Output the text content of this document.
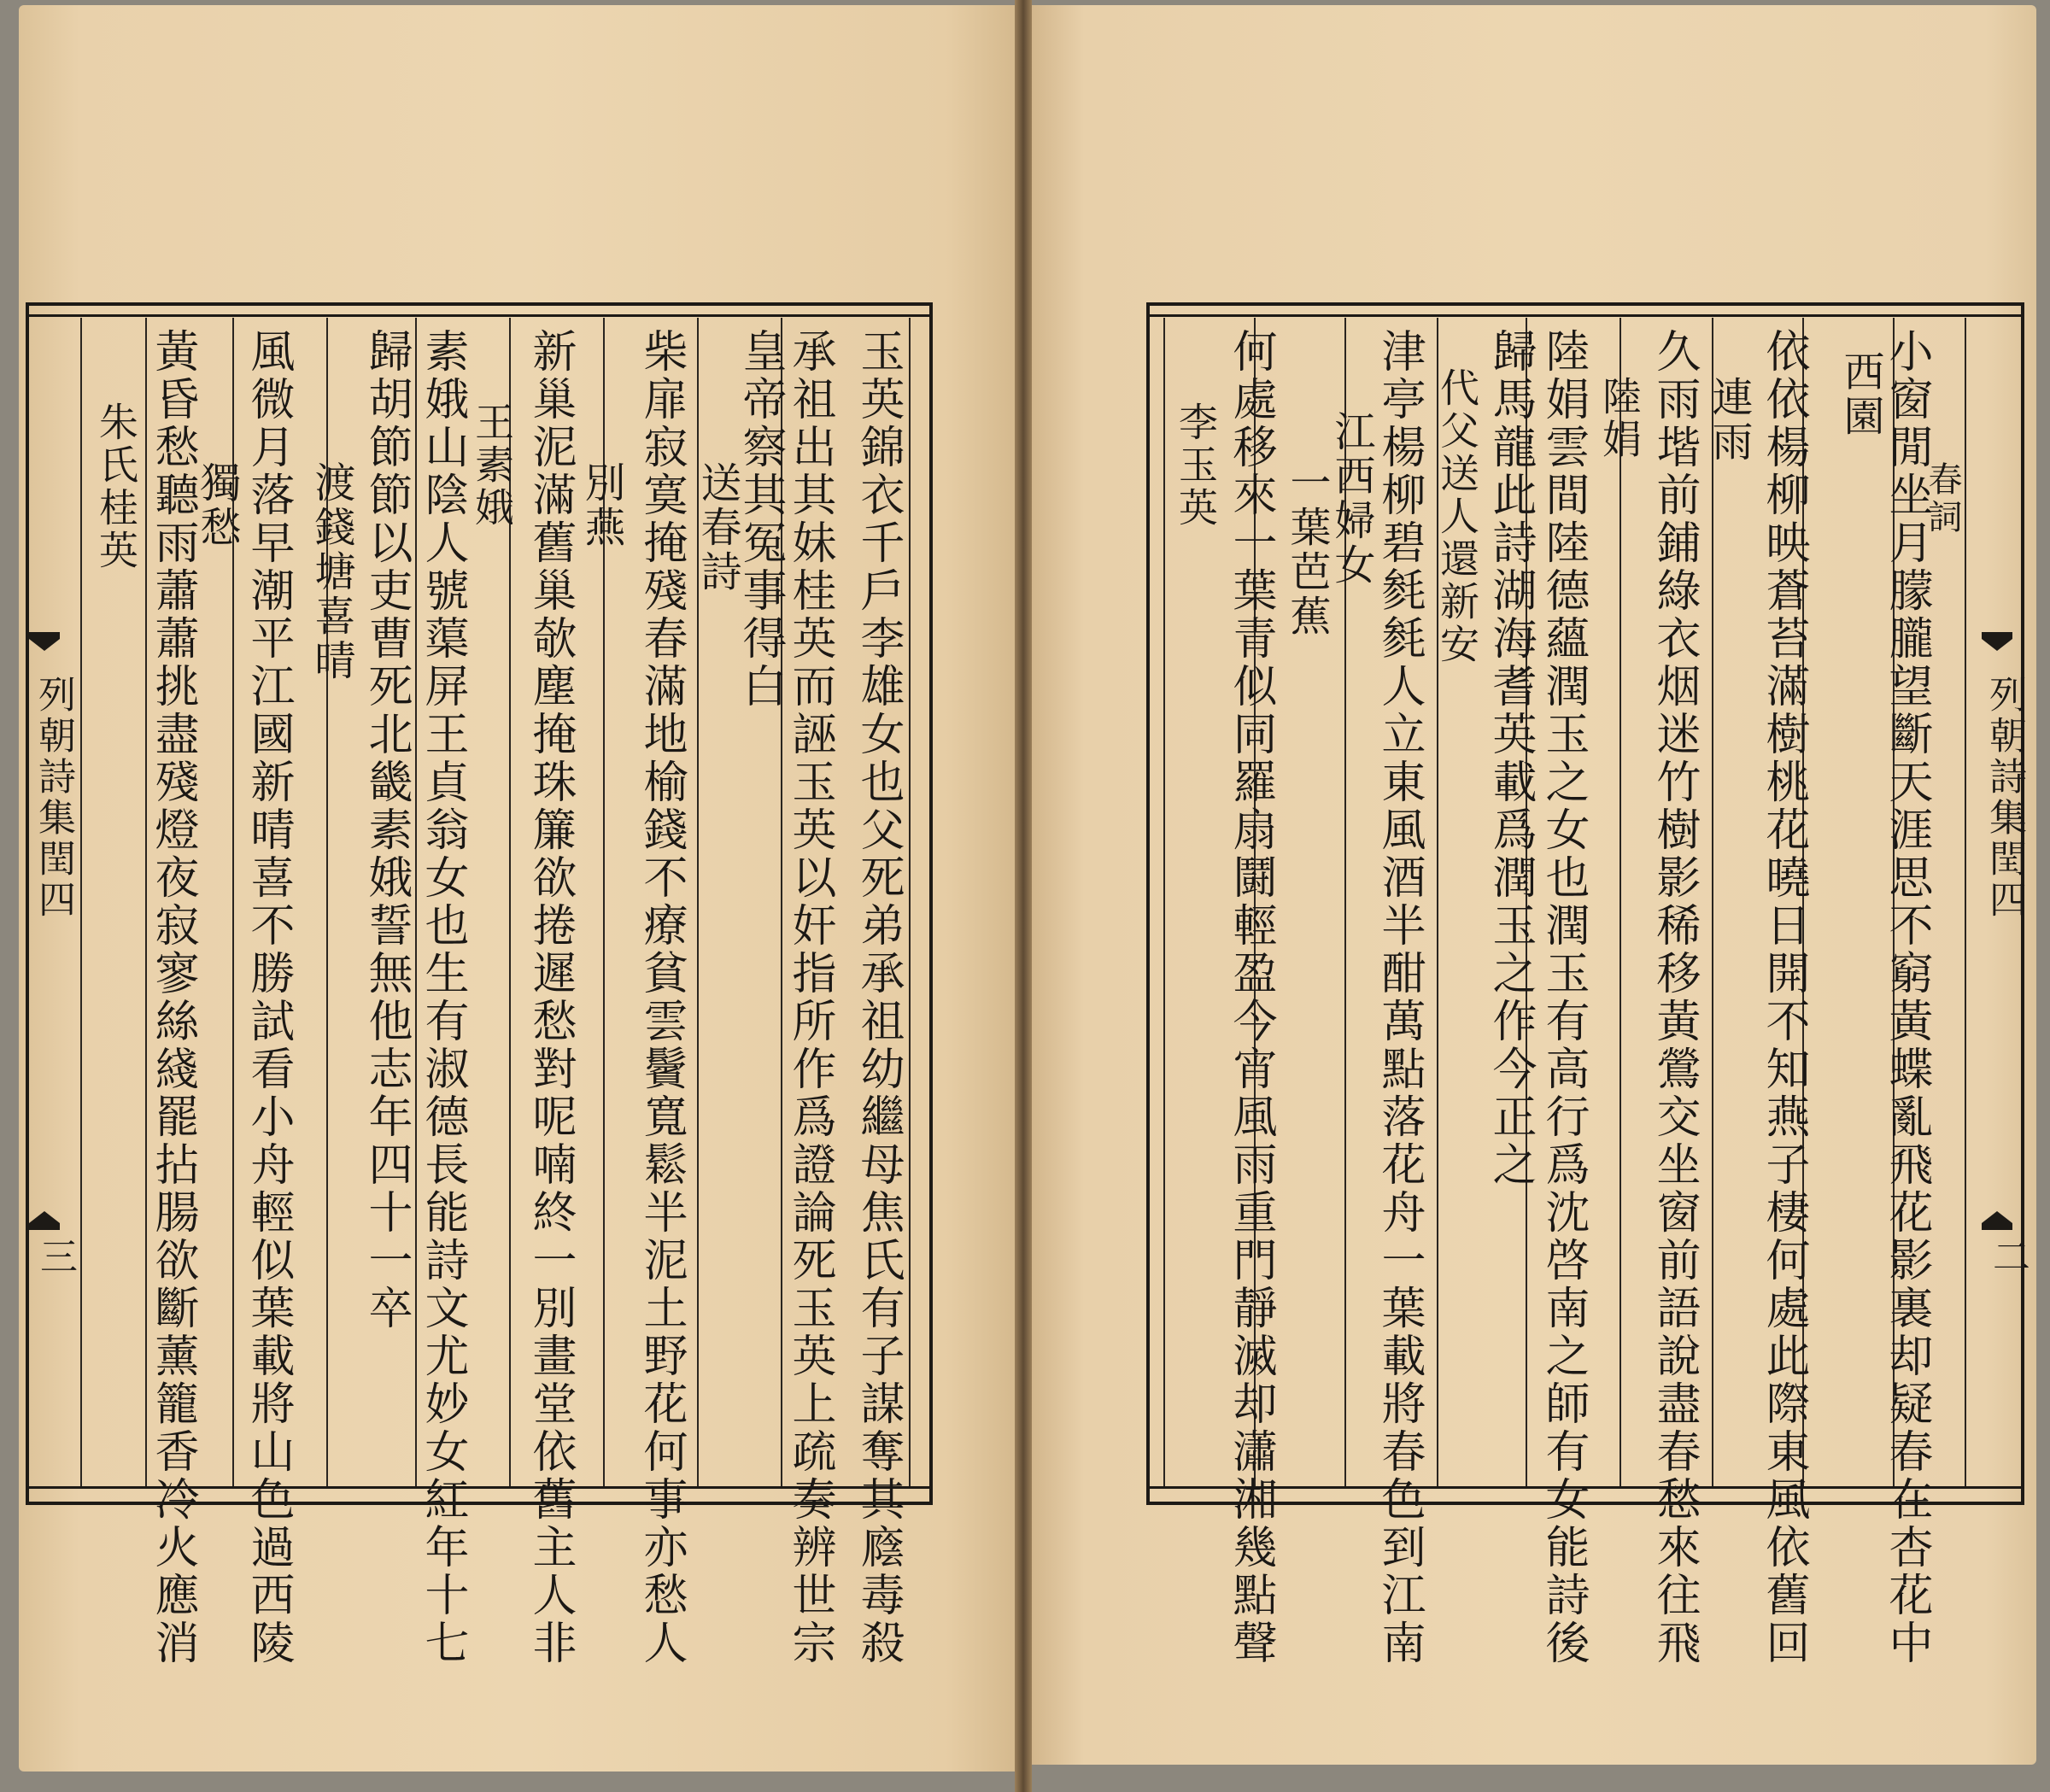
列朝詩集閏四
三	玉英錦衣千戶李雄女也父死弟承祖幼繼母焦氏有子謀奪其廕毒殺
承祖出其妹桂英而誣玉英以奸指所作爲證論死玉英上疏奏辨世宗
皇帝察其冤事得白
送春詩
柴扉寂寞掩殘春滿地榆錢不療貧雲鬢寬鬆半泥土野花何事亦愁人
別燕
新巢泥滿舊巢欹塵掩珠簾欲捲遲愁對呢喃終一別畫堂依舊主人非
王素娥
素娥山陰人號蕖屏王貞翁女也生有淑德長能詩文尤妙女紅年十七
歸胡節節以吏曹死北畿素娥誓無他志年四十一卒
渡錢塘喜晴
風微月落早潮平江國新晴喜不勝試看小舟輕似葉載將山色過西陵
獨愁
黃昏愁聽雨蕭蕭挑盡殘燈夜寂寥絲綫罷拈腸欲斷薰籠香冷火應消
朱氏桂英
列朝詩集閏四
二
小窗閒坐月朦朧望斷天涯思不窮黃蝶亂飛花影裏却疑春在杏花中
春詞
西園
依依楊柳映蒼苔滿樹桃花曉日開不知燕子棲何處此際東風依舊回
連雨
久雨堦前鋪綠衣烟迷竹樹影稀移黃鶯交坐窗前語說盡春愁來往飛
陸娟
陸娟雲間陸德蘊潤玉之女也潤玉有高行爲沈啓南之師有女能詩後
歸馬龍此詩湖海耆英載爲潤玉之作今正之
代父送人還新安
津亭楊柳碧毵毵人立東風酒半酣萬點落花舟一葉載將春色到江南
江西婦女
一葉芭蕉
何處移來一葉青似同羅扇鬪輕盈今宵風雨重門靜滅却瀟湘幾點聲
李玉英
